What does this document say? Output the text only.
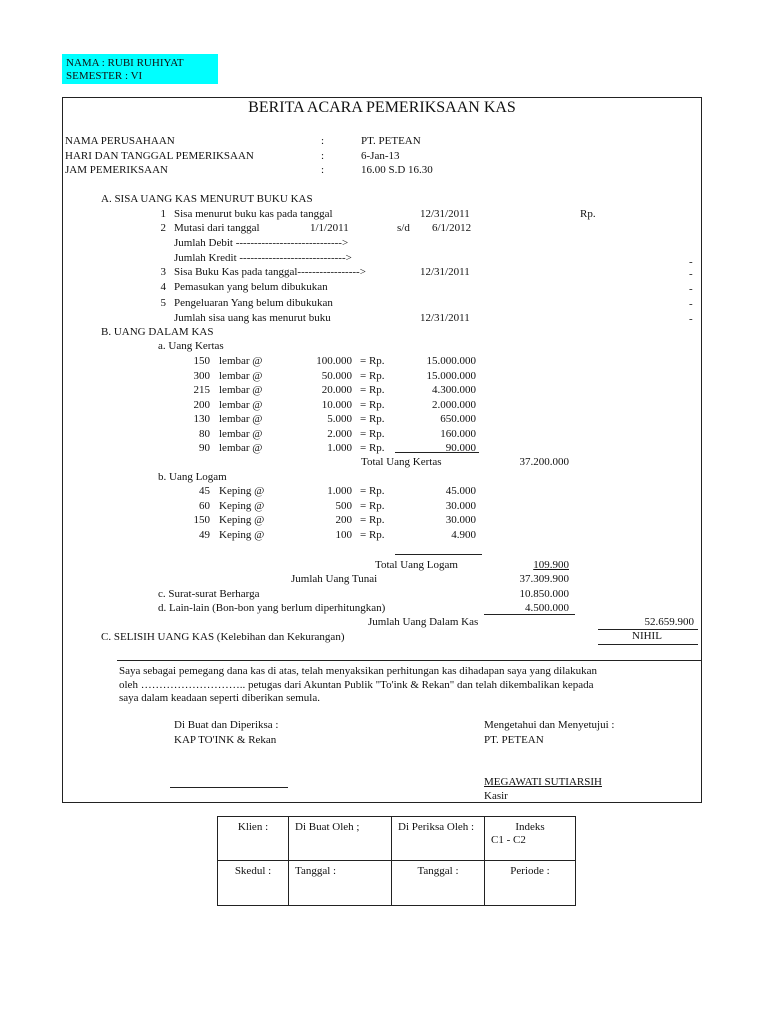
NAMA : RUBI RUHIYAT
SEMESTER : VI
BERITA ACARA PEMERIKSAAN KAS
NAMA PERUSAHAAN	:	PT. PETEAN
HARI DAN TANGGAL PEMERIKSAAN	:	6-Jan-13
JAM PEMERIKSAAN	:	16.00 S.D 16.30
A. SISA UANG KAS MENURUT BUKU KAS
1 Sisa menurut buku kas pada tanggal	12/31/2011	Rp.
2 Mutasi dari tanggal	1/1/2011	s/d 6/1/2012
Jumlah Debit ----------------------------->
Jumlah Kredit ----------------------------->	-
3 Sisa Buku Kas pada tanggal----------------->	12/31/2011	-
4 Pemasukan yang belum dibukukan	-
5 Pengeluaran Yang belum dibukukan	-
Jumlah sisa uang kas menurut buku	12/31/2011	-
B. UANG DALAM KAS
a. Uang Kertas
150 lembar @	100.000 = Rp.	15.000.000
300 lembar @	50.000 = Rp.	15.000.000
215 lembar @	20.000 = Rp.	4.300.000
200 lembar @	10.000 = Rp.	2.000.000
130 lembar @	5.000 = Rp.	650.000
80 lembar @	2.000 = Rp.	160.000
90 lembar @	1.000 = Rp.	90.000
Total Uang Kertas	37.200.000
b. Uang Logam
45 Keping @	1.000 = Rp.	45.000
60 Keping @	500 = Rp.	30.000
150 Keping @	200 = Rp.	30.000
49 Keping @	100 = Rp.	4.900
Total Uang Logam	109.900
Jumlah Uang Tunai	37.309.900
c. Surat-surat Berharga	10.850.000
d. Lain-lain (Bon-bon yang berlum diperhitungkan)	4.500.000
Jumlah Uang Dalam Kas	52.659.900
C. SELISIH UANG KAS (Kelebihan dan Kekurangan)	NIHIL
Saya sebagai pemegang dana kas di atas, telah menyaksikan perhitungan kas dihadapan saya yang dilakukan
oleh ……………………….. petugas dari Akuntan Publik "To'ink & Rekan" dan telah dikembalikan kepada
saya dalam keadaan seperti diberikan semula.
Di Buat dan Diperiksa :
KAP TO'INK & Rekan
Mengetahui dan Menyetujui :
PT. PETEAN
MEGAWATI SUTIARSIH
Kasir
Klien :	Di Buat Oleh ;	Di Periksa Oleh :	Indeks
C1 - C2

Skedul :	Tanggal :	Tanggal :	Periode :
